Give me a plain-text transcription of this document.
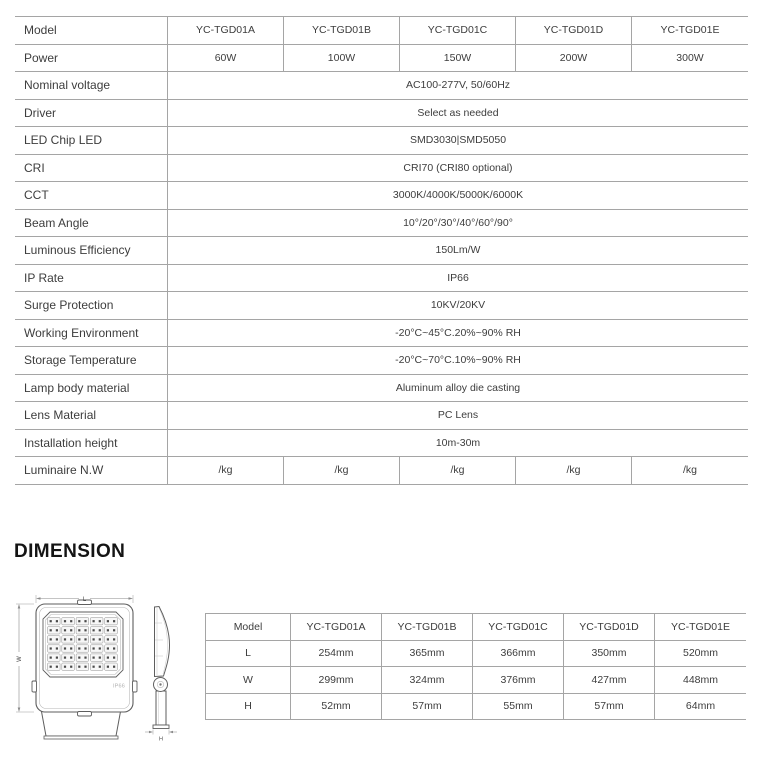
Model	YC-TGD01A	YC-TGD01B	YC-TGD01C	YC-TGD01D	YC-TGD01E
Power	60W	100W	150W	200W	300W
Nominal voltage	AC100-277V, 50/60Hz
Driver	Select as needed
LED Chip LED	SMD3030|SMD5050
CRI	CRI70 (CRI80 optional)
CCT	3000K/4000K/5000K/6000K
Beam Angle	10°/20°/30°/40°/60°/90°
Luminous Efficiency	150Lm/W
IP Rate	IP66
Surge Protection	10KV/20KV
Working Environment	-20°C~45°C.20%~90% RH
Storage Temperature	-20°C~70°C.10%~90% RH
Lamp body material	Aluminum alloy die casting
Lens Material	PC Lens
Installation height	10m-30m
Luminaire N.W	/kg	/kg	/kg	/kg	/kg
DIMENSION
IP66
L
W
H
Model	YC-TGD01A	YC-TGD01B	YC-TGD01C	YC-TGD01D	YC-TGD01E
L	254mm	365mm	366mm	350mm	520mm
W	299mm	324mm	376mm	427mm	448mm
H	52mm	57mm	55mm	57mm	64mm
